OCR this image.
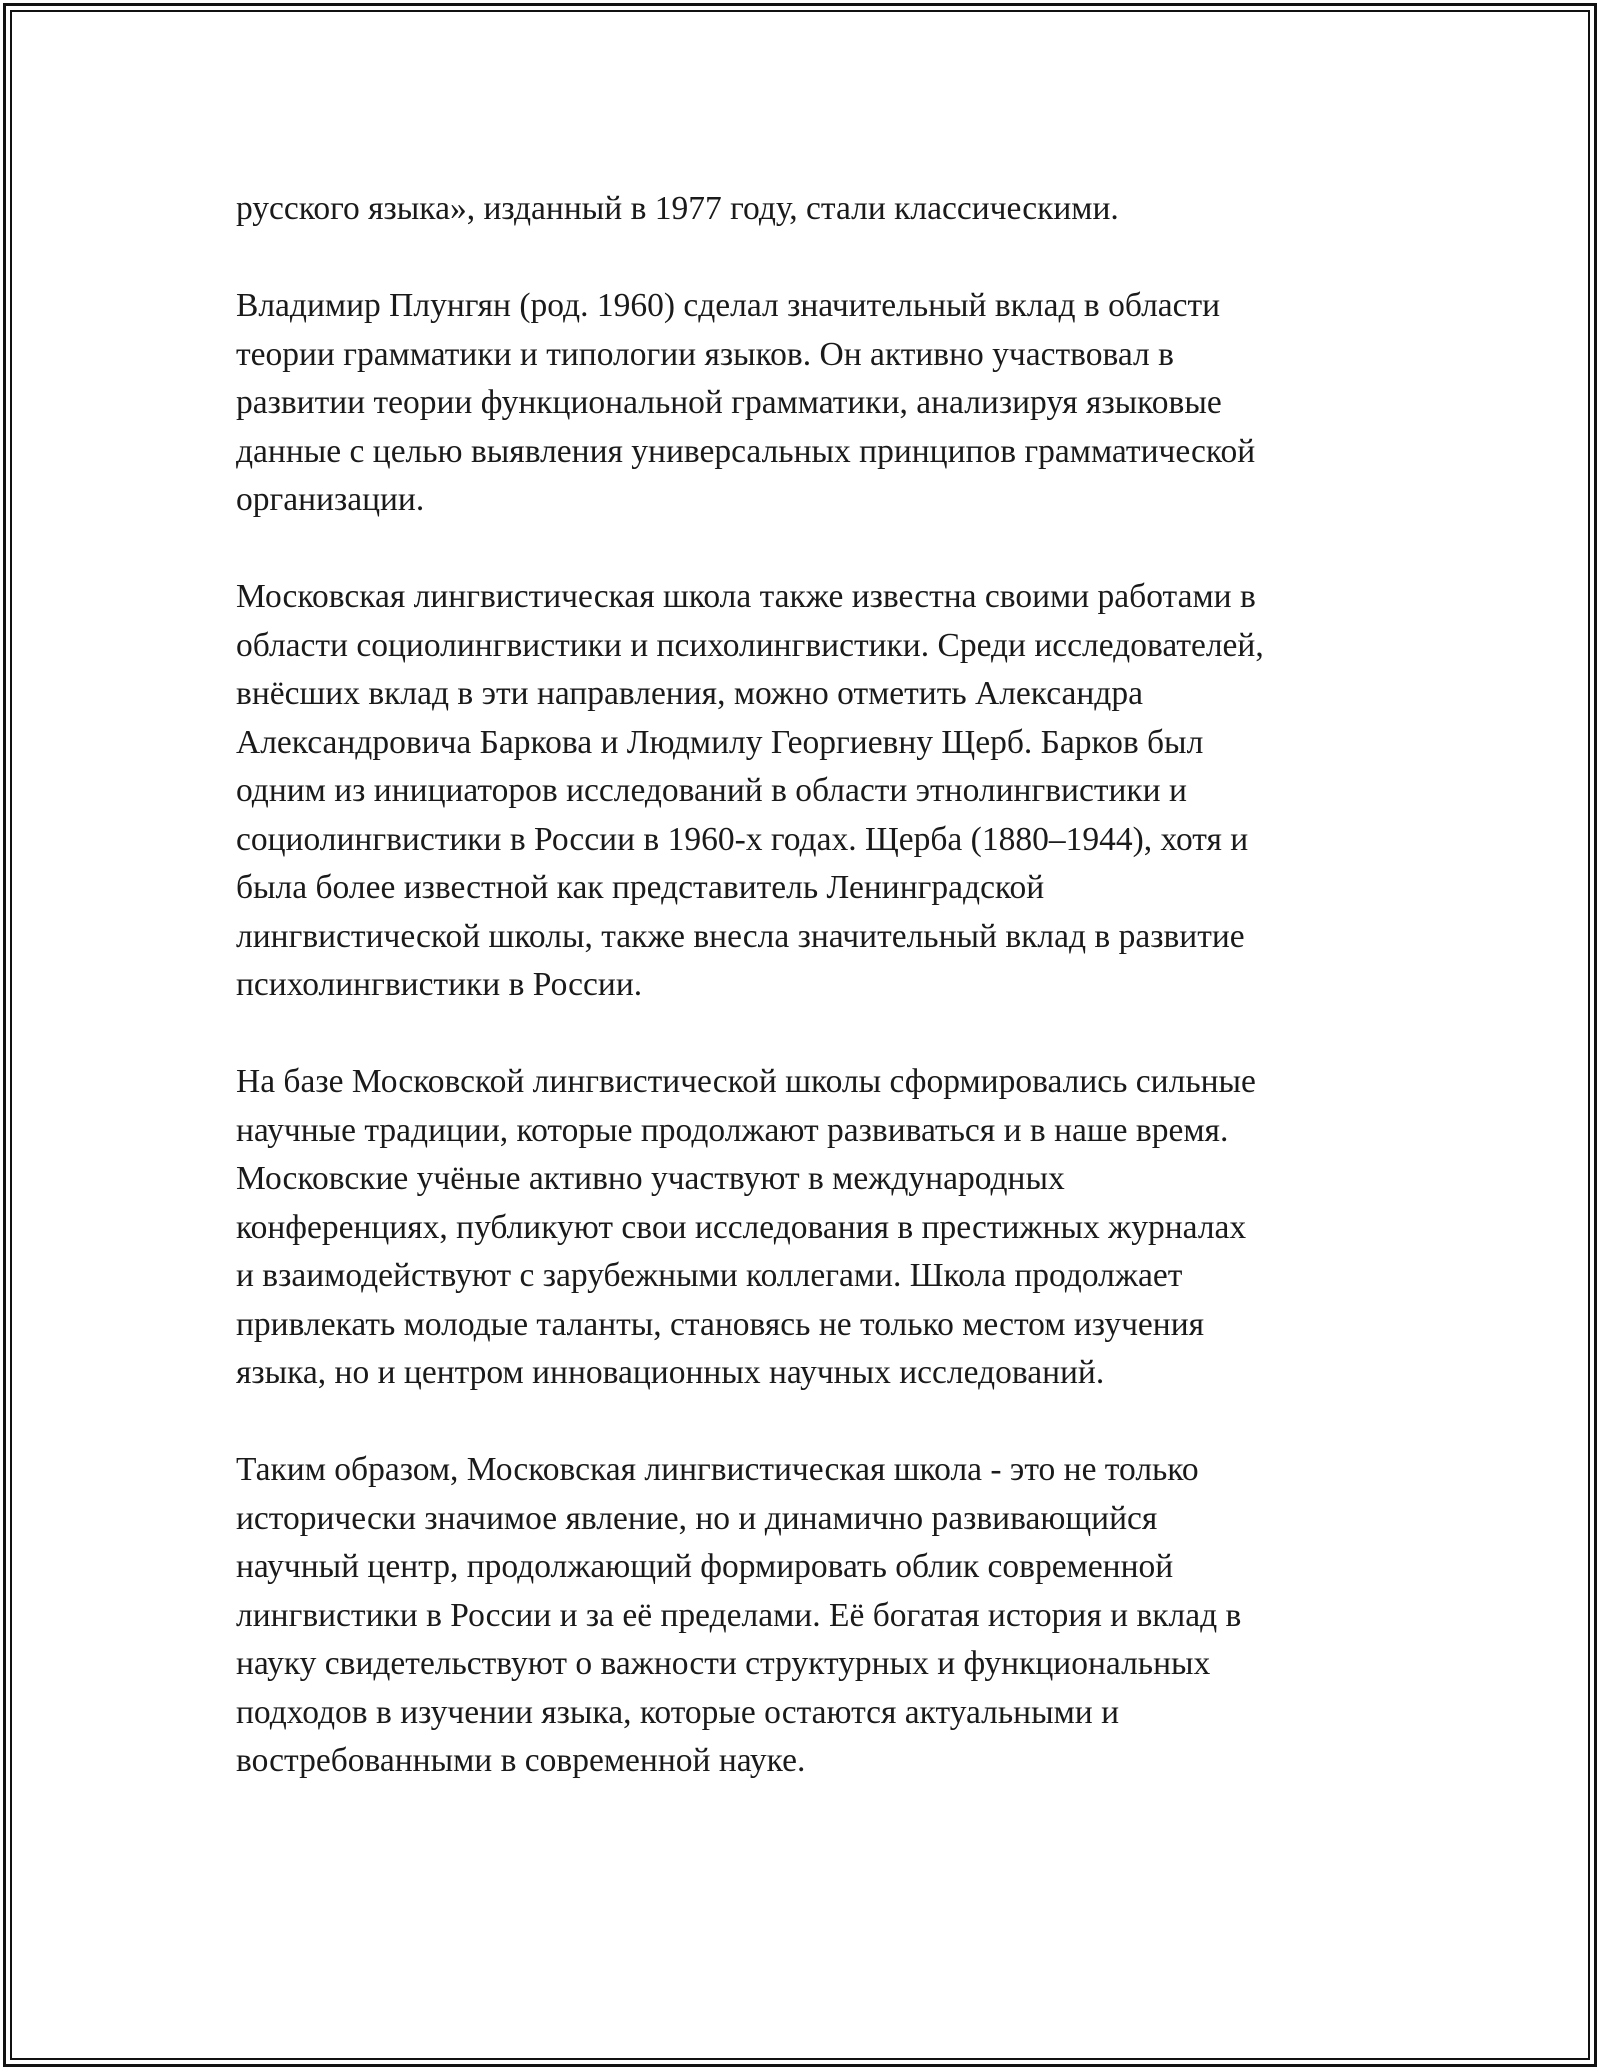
русского языка», изданный в 1977 году, стали классическими.

Владимир Плунгян (род. 1960) сделал значительный вклад в области
теории грамматики и типологии языков. Он активно участвовал в
развитии теории функциональной грамматики, анализируя языковые
данные с целью выявления универсальных принципов грамматической
организации.

Московская лингвистическая школа также известна своими работами в
области социолингвистики и психолингвистики. Среди исследователей,
внёсших вклад в эти направления, можно отметить Александра
Александровича Баркова и Людмилу Георгиевну Щерб. Барков был
одним из инициаторов исследований в области этнолингвистики и
социолингвистики в России в 1960-х годах. Щерба (1880–1944), хотя и
была более известной как представитель Ленинградской
лингвистической школы, также внесла значительный вклад в развитие
психолингвистики в России.

На базе Московской лингвистической школы сформировались сильные
научные традиции, которые продолжают развиваться и в наше время.
Московские учёные активно участвуют в международных
конференциях, публикуют свои исследования в престижных журналах
и взаимодействуют с зарубежными коллегами. Школа продолжает
привлекать молодые таланты, становясь не только местом изучения
языка, но и центром инновационных научных исследований.

Таким образом, Московская лингвистическая школа - это не только
исторически значимое явление, но и динамично развивающийся
научный центр, продолжающий формировать облик современной
лингвистики в России и за её пределами. Её богатая история и вклад в
науку свидетельствуют о важности структурных и функциональных
подходов в изучении языка, которые остаются актуальными и
востребованными в современной науке.
